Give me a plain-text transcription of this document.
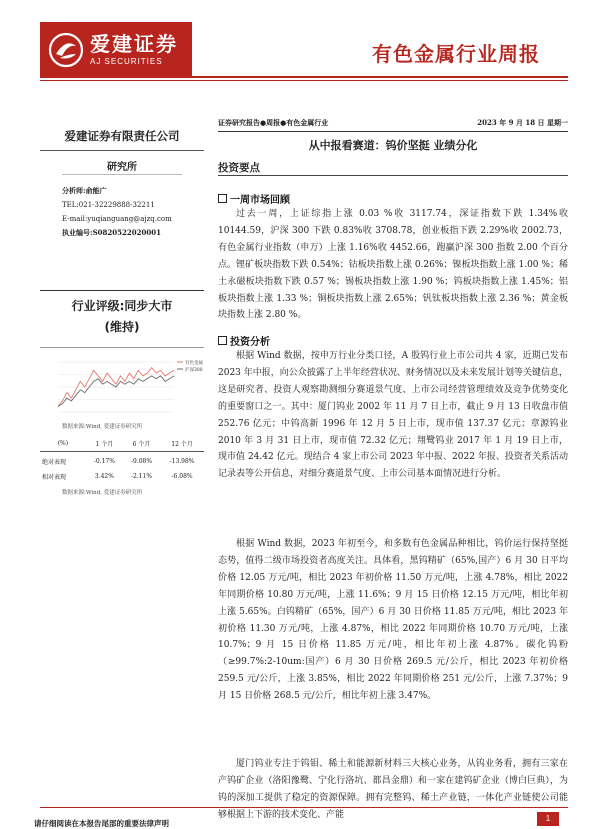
爱建证券
AJ SECURITIES	有色金属行业周报
爱建证券有限责任公司
研究所
分析师:俞能广
TEL:021-32229888-32211
E-mail:yuqianguang@ajzq.com
执业编号:S0820522020001
行业评级:同步大市
(维持)
有色金属
沪深300
数据来源:Wind, 爱建证券研究所
(%)	1 个月	6 个月	12 个月
绝对表现	-0.17%	-9.08%	-13.98%
相对表现	3.42%	-2.11%	-6.08%
数据来源:Wind, 爱建证券研究所
证券研究报告●周报●有色金属行业	2023 年 9 月 18 日 星期一
从中报看赛道：钨价坚挺 业绩分化
投资要点
一周市场回顾
过去一周，上证综指上涨 0.03 %收 3117.74，深证指数下跌 1.34%收 10144.59，沪深 300 下跌 0.83%收 3708.78，创业板指下跌 2.29%收 2002.73，有色金属行业指数（申万）上涨 1.16%收 4452.66，跑赢沪深 300 指数 2.00 个百分点。锂矿板块指数下跌 0.54%；钴板块指数上涨 0.26%；镍板块指数上涨 1.00 %；稀土永磁板块指数下跌 0.57 %；锡板块指数上涨 1.90 %；钨板块指数上涨 1.45%；铝板块指数上涨 1.33 %；铜板块指数上涨 2.65%；钒钛板块指数上涨 2.36 %；黄金板块指数上涨 2.80 %。
投资分析
根据 Wind 数据，按申万行业分类口径，A 股钨行业上市公司共 4 家，近期已发布 2023 年中报，向公众披露了上半年经营状况、财务情况以及未来发展计划等关键信息，这是研究者、投资人观察勘测细分赛道景气度、上市公司经营管理绩效及竞争优势变化的重要窗口之一。其中：厦门钨业 2002 年 11 月 7 日上市，截止 9 月 13 日收盘市值 252.76 亿元；中钨高新 1996 年 12 月 5 日上市，现市值 137.37 亿元；章源钨业 2010 年 3 月 31 日上市，现市值 72.32 亿元；翔鹭钨业 2017 年 1 月 19 日上市，现市值 24.42 亿元。现结合 4 家上市公司 2023 年中报、2022 年报、投资者关系活动记录表等公开信息，对细分赛道景气度、上市公司基本面情况进行分析。
根据 Wind 数据，2023 年初至今，和多数有色金属品种相比，钨价运行保持坚挺态势，值得二级市场投资者高度关注。具体看，黑钨精矿（65%,国产）6 月 30 日平均价格 12.05 万元/吨，相比 2023 年初价格 11.50 万元/吨，上涨 4.78%，相比 2022 年同期价格 10.80 万元/吨，上涨 11.6%；9 月 15 日价格 12.15 万元/吨，相比年初上涨 5.65%。白钨精矿（65%，国产）6 月 30 日价格 11.85 万元/吨，相比 2023 年初价格 11.30 万元/吨，上涨 4.87%，相比 2022 年同期价格 10.70 万元/吨，上涨 10.7%；9 月 15 日价格 11.85 万元/吨，相比年初上涨 4.87%。碳化钨粉（≥99.7%:2-10um:国产）6 月 30 日价格 269.5 元/公斤，相比 2023 年初价格 259.5 元/公斤，上涨 3.85%，相比 2022 年同期价格 251 元/公斤，上涨 7.37%；9 月 15 日价格 268.5 元/公斤，相比年初上涨 3.47%。
厦门钨业专注于钨钼、稀土和能源新材料三大核心业务，从钨业务看，拥有三家在产钨矿企业（洛阳豫鹭、宁化行洛坑、都昌金鼎）和一家在建钨矿企业（博白巨典），为钨的深加工提供了稳定的资源保障。拥有完整钨、稀土产业链，一体化产业链使公司能够根据上下游的技术变化、产能
请仔细阅读在本报告尾部的重要法律声明
1
